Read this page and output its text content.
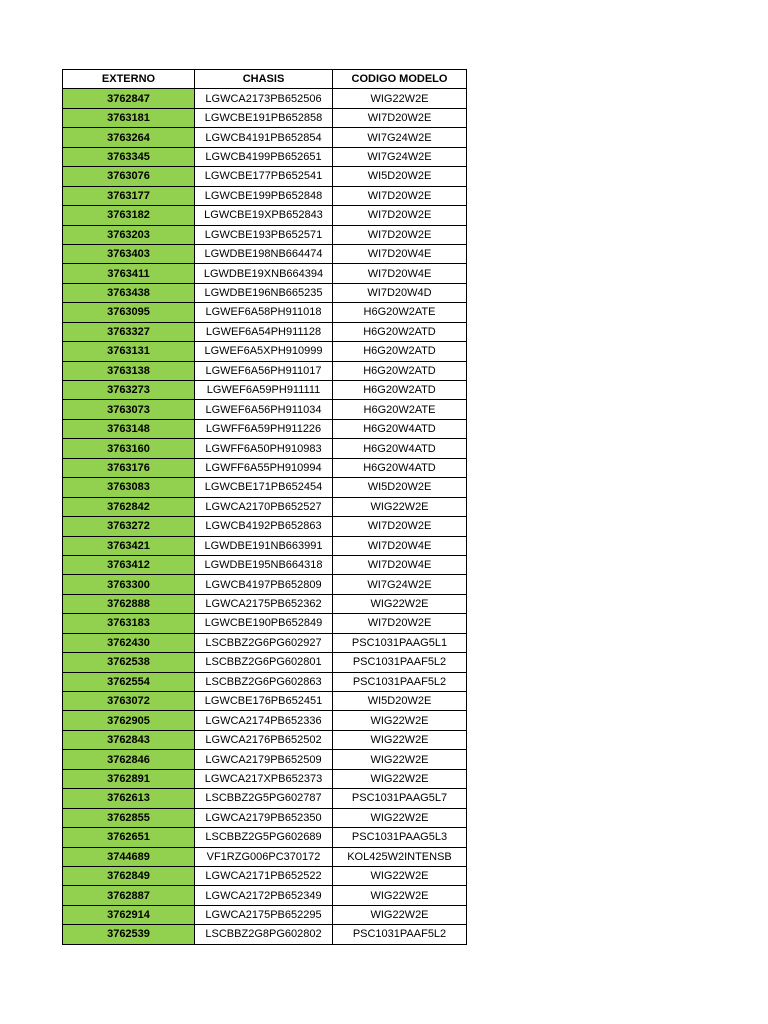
EXTERNO	CHASIS	CODIGO MODELO
3762847	LGWCA2173PB652506	WIG22W2E
3763181	LGWCBE191PB652858	WI7D20W2E
3763264	LGWCB4191PB652854	WI7G24W2E
3763345	LGWCB4199PB652651	WI7G24W2E
3763076	LGWCBE177PB652541	WI5D20W2E
3763177	LGWCBE199PB652848	WI7D20W2E
3763182	LGWCBE19XPB652843	WI7D20W2E
3763203	LGWCBE193PB652571	WI7D20W2E
3763403	LGWDBE198NB664474	WI7D20W4E
3763411	LGWDBE19XNB664394	WI7D20W4E
3763438	LGWDBE196NB665235	WI7D20W4D
3763095	LGWEF6A58PH911018	H6G20W2ATE
3763327	LGWEF6A54PH911128	H6G20W2ATD
3763131	LGWEF6A5XPH910999	H6G20W2ATD
3763138	LGWEF6A56PH911017	H6G20W2ATD
3763273	LGWEF6A59PH911111	H6G20W2ATD
3763073	LGWEF6A56PH911034	H6G20W2ATE
3763148	LGWFF6A59PH911226	H6G20W4ATD
3763160	LGWFF6A50PH910983	H6G20W4ATD
3763176	LGWFF6A55PH910994	H6G20W4ATD
3763083	LGWCBE171PB652454	WI5D20W2E
3762842	LGWCA2170PB652527	WIG22W2E
3763272	LGWCB4192PB652863	WI7D20W2E
3763421	LGWDBE191NB663991	WI7D20W4E
3763412	LGWDBE195NB664318	WI7D20W4E
3763300	LGWCB4197PB652809	WI7G24W2E
3762888	LGWCA2175PB652362	WIG22W2E
3763183	LGWCBE190PB652849	WI7D20W2E
3762430	LSCBBZ2G6PG602927	PSC1031PAAG5L1
3762538	LSCBBZ2G6PG602801	PSC1031PAAF5L2
3762554	LSCBBZ2G6PG602863	PSC1031PAAF5L2
3763072	LGWCBE176PB652451	WI5D20W2E
3762905	LGWCA2174PB652336	WIG22W2E
3762843	LGWCA2176PB652502	WIG22W2E
3762846	LGWCA2179PB652509	WIG22W2E
3762891	LGWCA217XPB652373	WIG22W2E
3762613	LSCBBZ2G5PG602787	PSC1031PAAG5L7
3762855	LGWCA2179PB652350	WIG22W2E
3762651	LSCBBZ2G5PG602689	PSC1031PAAG5L3
3744689	VF1RZG006PC370172	KOL425W2INTENSB
3762849	LGWCA2171PB652522	WIG22W2E
3762887	LGWCA2172PB652349	WIG22W2E
3762914	LGWCA2175PB652295	WIG22W2E
3762539	LSCBBZ2G8PG602802	PSC1031PAAF5L2
